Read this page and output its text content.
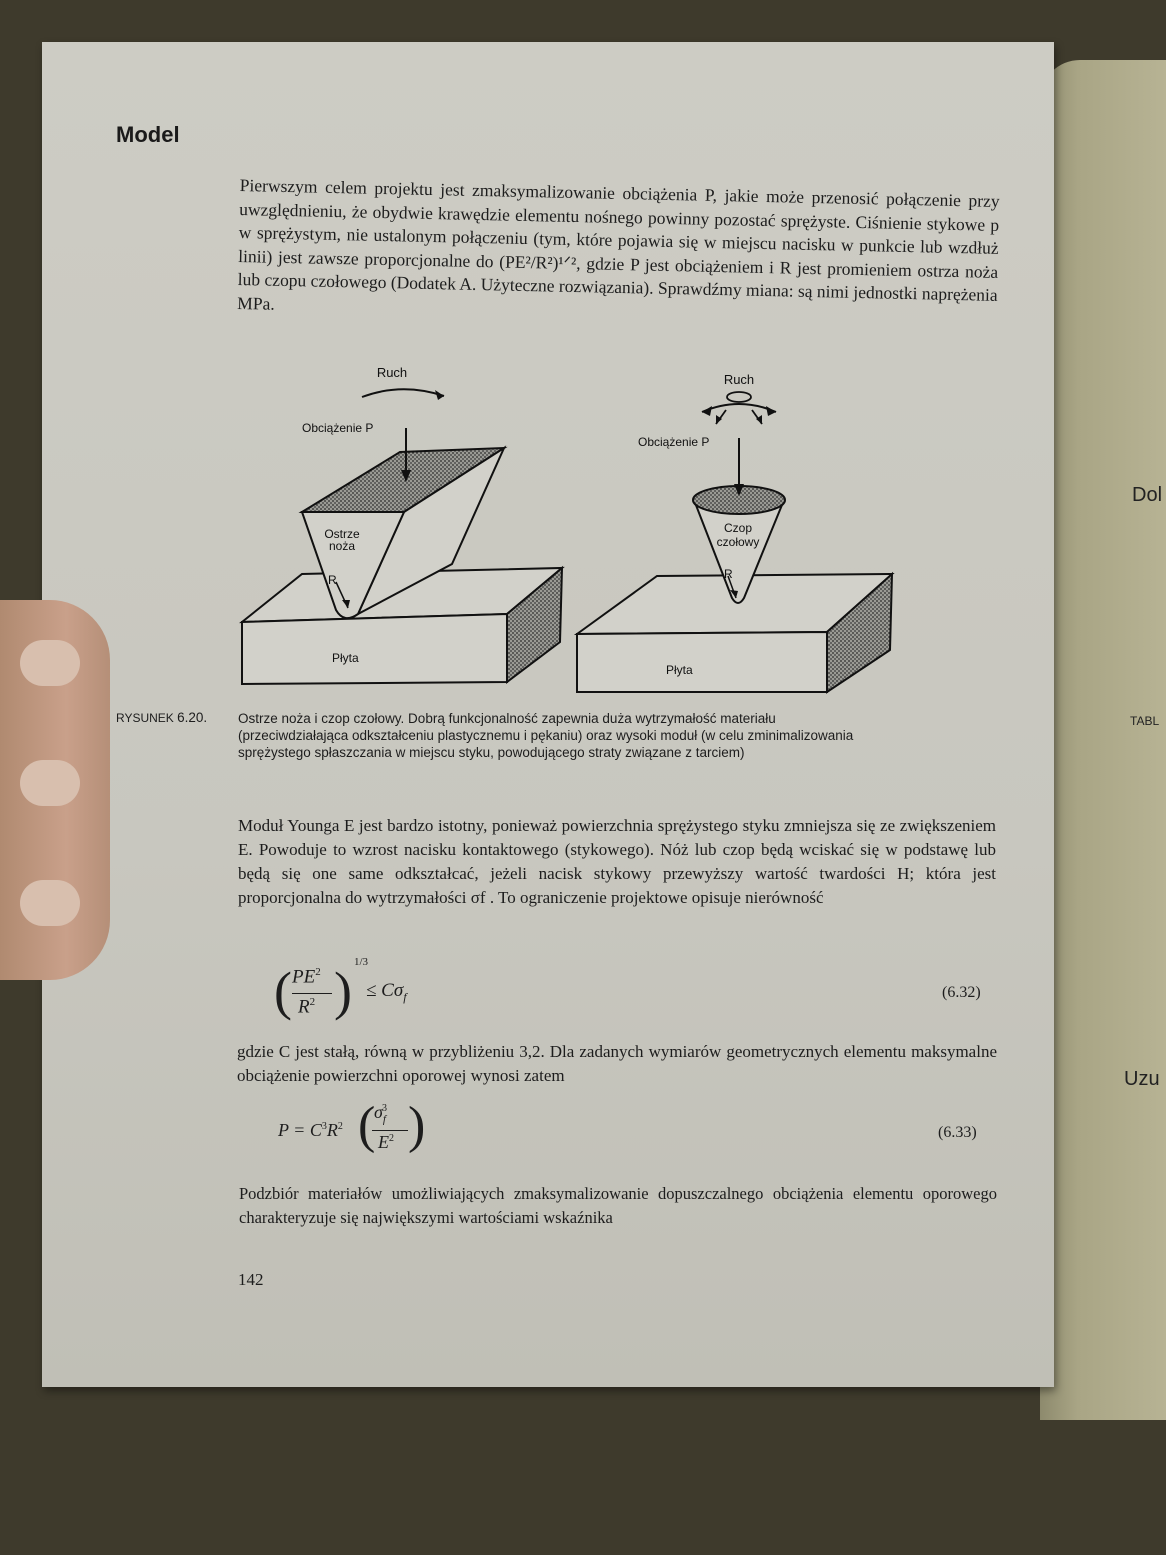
Dol
TABL
Uzu
Model
Pierwszym celem projektu jest zmaksymalizowanie obciążenia P, jakie może przenosić połączenie przy uwzględnieniu, że obydwie krawędzie elementu nośnego powinny pozostać sprężyste. Ciśnienie stykowe p w sprężystym, nie ustalonym połączeniu (tym, które pojawia się w miejscu nacisku w punkcie lub wzdłuż linii) jest zawsze proporcjonalne do (PE²/R²)¹ᐟ², gdzie P jest obciążeniem i R jest promieniem ostrza noża lub czopu czołowego (Dodatek A. Użyteczne rozwiązania). Sprawdźmy miana: są nimi jednostki naprężenia MPa.
Ruch
Obciążenie P
Ostrze
noża
R
Płyta
Ruch
Obciążenie P
Czop
czołowy
R
Płyta
RYSUNEK 6.20. Ostrze noża i czop czołowy. Dobrą funkcjonalność zapewnia duża wytrzymałość materiału (przeciwdziałająca odkształceniu plastycznemu i pękaniu) oraz wysoki moduł (w celu zminimalizowania sprężystego spłaszczania w miejscu styku, powodującego straty związane z tarciem)
Moduł Younga E jest bardzo istotny, ponieważ powierzchnia sprężystego styku zmniejsza się ze zwiększeniem E. Powoduje to wzrost nacisku kontaktowego (stykowego). Nóż lub czop będą wciskać się w podstawę lub będą się one same odkształcać, jeżeli nacisk stykowy przewyższy wartość twardości H; która jest proporcjonalna do wytrzymałości σf . To ograniczenie projektowe opisuje nierówność
( $PE^2$
$R^2$ ) 1/3
≤ $C\sigma_f$	(6.32)
gdzie C jest stałą, równą w przybliżeniu 3,2. Dla zadanych wymiarów geometrycznych elementu maksymalne obciążenie powierzchni oporowej wynosi zatem
$P = C^3R^2$ (
$\sigma_f^3$
$E^2$ )	(6.33)
Podzbiór materiałów umożliwiających zmaksymalizowanie dopuszczalnego obciążenia elementu oporowego charakteryzuje się największymi wartościami wskaźnika
142
